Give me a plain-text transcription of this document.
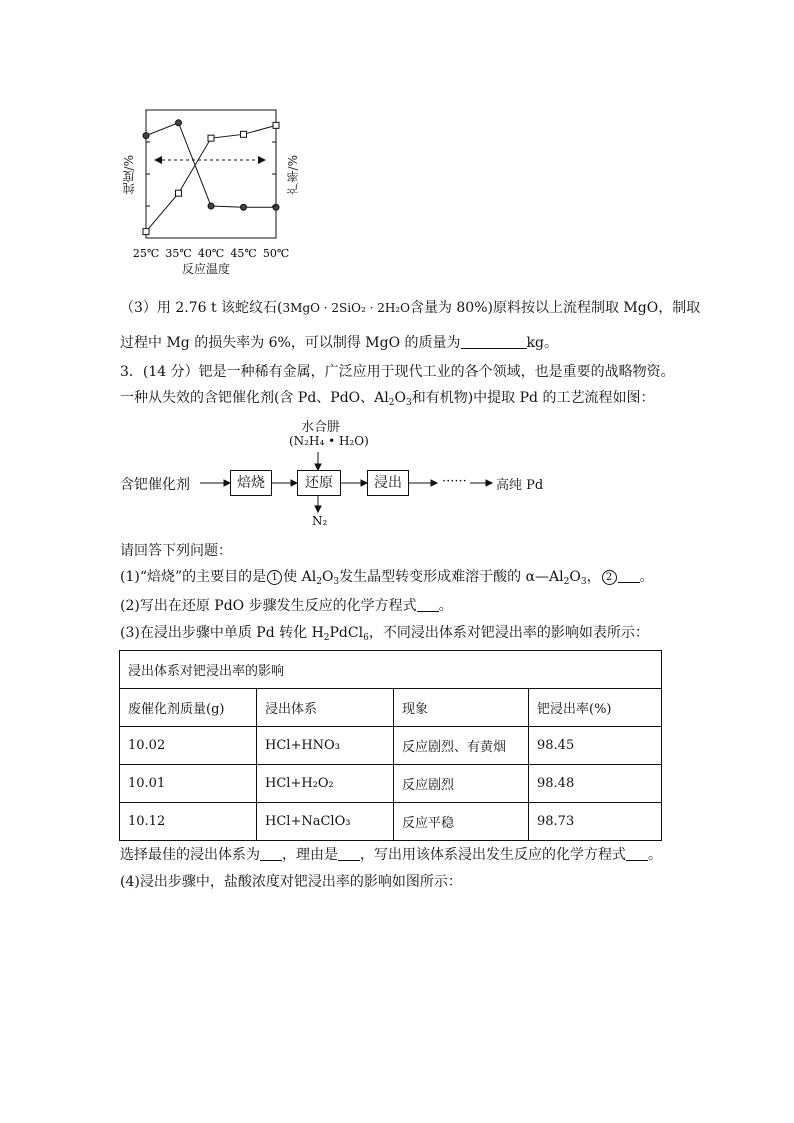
25℃ 35℃ 40℃ 45℃ 50℃
纯度/%	产率/%
反应温度
（3）用 2.76 t 该蛇纹石(3MgO · 2SiO₂ · 2H₂O含量为 80%)原料按以上流程制取 MgO，制取
过程中 Mg 的损失率为 6%，可以制得 MgO 的质量为	kg。
3．(14 分）钯是一种稀有金属，广泛应用于现代工业的各个领域，也是重要的战略物资。
一种从失效的含钯催化剂(含 Pd、PdO、$Al_2O_3$和有机物)中提取 Pd 的工艺流程如图：
水合肼
(N₂H₄ • H₂O)
含钯催化剂	焙烧	还原	浸出	······ 高纯 Pd
N₂
请回答下列问题：
(1)“焙烧”的主要目的是 1 使 $Al_2O_3$发生晶型转变形成难溶于酸的 $\alpha—Al_2O_3$， 2 。
(2)写出在还原 PdO 步骤发生反应的化学方程式 。
(3)在浸出步骤中单质 Pd 转化 $H_2PdCl_6$，不同浸出体系对钯浸出率的影响如表所示：
浸出体系对钯浸出率的影响			
废催化剂质量(g)	浸出体系	现象	钯浸出率(%)
10.02	HCl+HNO₃	反应剧烈、有黄烟	98.45
10.01	HCl+H₂O₂	反应剧烈	98.48
10.12	HCl+NaClO₃	反应平稳	98.73
选择最佳的浸出体系为 ，理由是 ，写出用该体系浸出发生反应的化学方程式 。
(4)浸出步骤中，盐酸浓度对钯浸出率的影响如图所示：
